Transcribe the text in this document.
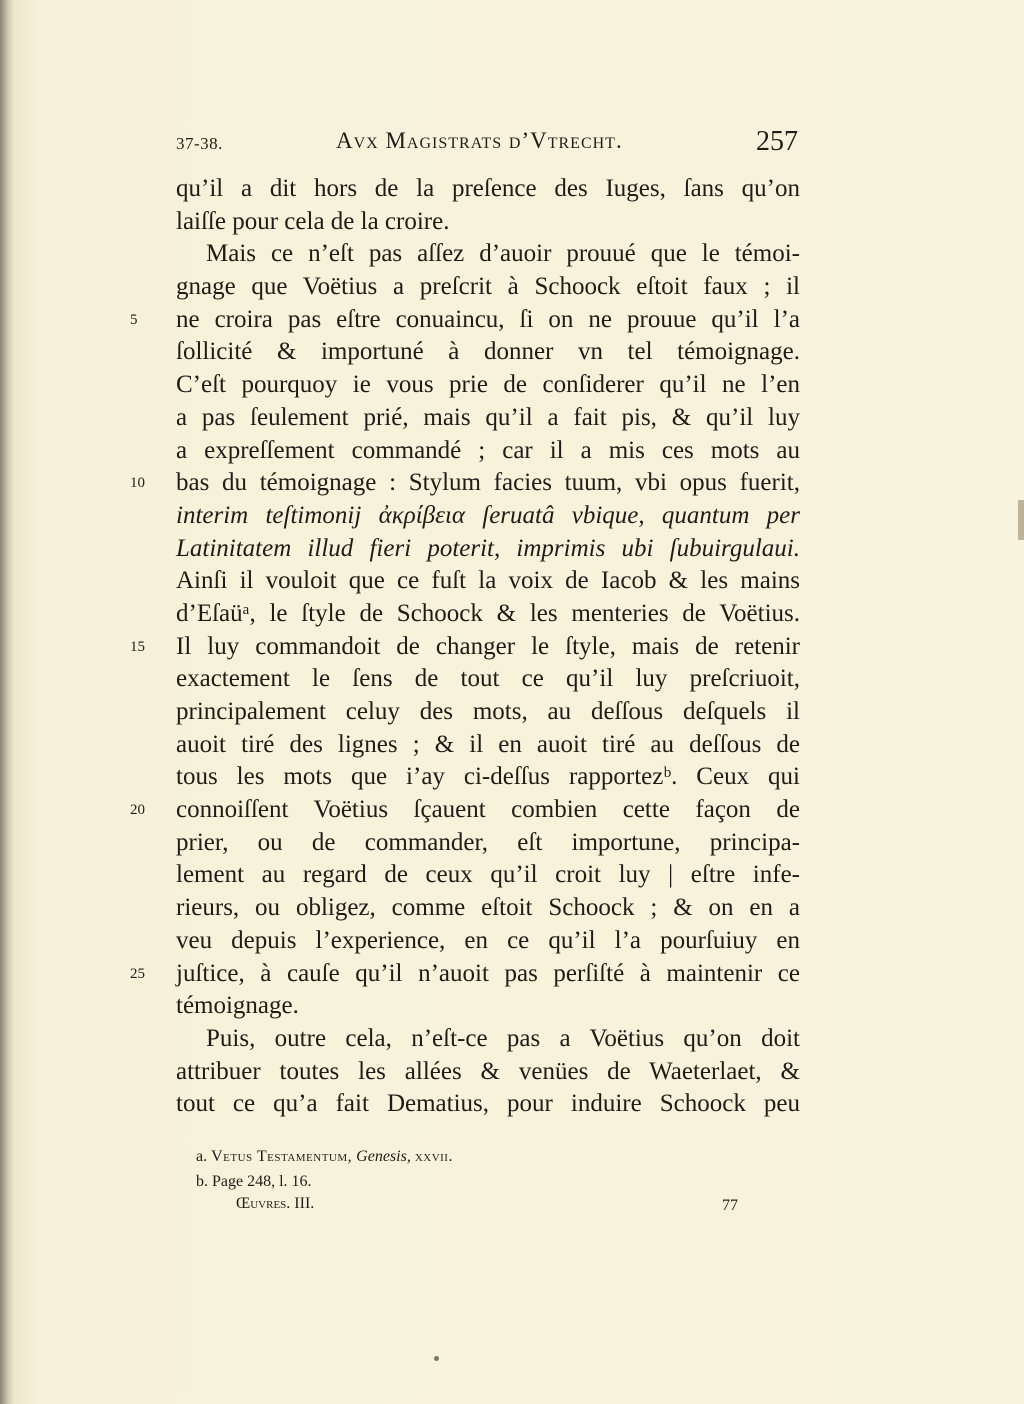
37-38.	Avx Magistrats d’Vtrecht.	257
qu’il a dit hors de la preſence des Iuges, ſans qu’on
laiſſe pour cela de la croire.
Mais ce n’eſt pas aſſez d’auoir prouué que le témoi-
gnage que Voëtius a preſcrit à Schoock eſtoit faux ; il
5	ne croira pas eſtre conuaincu, ſi on ne prouue qu’il l’a
ſollicité & importuné à donner vn tel témoignage.
C’eſt pourquoy ie vous prie de conſiderer qu’il ne l’en
a pas ſeulement prié, mais qu’il a fait pis, & qu’il luy
a expreſſement commandé ; car il a mis ces mots au
10	bas du témoignage : Stylum facies tuum, vbi opus fuerit,
interim teſtimonij ἀκρίβεια ſeruatâ vbique, quantum per
Latinitatem illud fieri poterit, imprimis ubi ſubuirgulaui.
Ainſi il vouloit que ce fuſt la voix de Iacob & les mains
d’Eſaüᵃ, le ſtyle de Schoock & les menteries de Voëtius.
15	Il luy commandoit de changer le ſtyle, mais de retenir
exactement le ſens de tout ce qu’il luy preſcriuoit,
principalement celuy des mots, au deſſous deſquels il
auoit tiré des lignes ; & il en auoit tiré au deſſous de
tous les mots que i’ay ci-deſſus rapportezᵇ. Ceux qui
20	connoiſſent Voëtius ſçauent combien cette façon de
prier, ou de commander, eſt importune, principa-
lement au regard de ceux qu’il croit luy | eſtre infe-
rieurs, ou obligez, comme eſtoit Schoock ; & on en a
veu depuis l’experience, en ce qu’il l’a pourſuiuy en
25	juſtice, à cauſe qu’il n’auoit pas perſiſté à maintenir ce
témoignage.
Puis, outre cela, n’eſt-ce pas a Voëtius qu’on doit
attribuer toutes les allées & venües de Waeterlaet, &
tout ce qu’a fait Dematius, pour induire Schoock peu
a. Vetus Testamentum, Genesis, xxvii.
b. Page 248, l. 16.
Œuvres. III.	77
